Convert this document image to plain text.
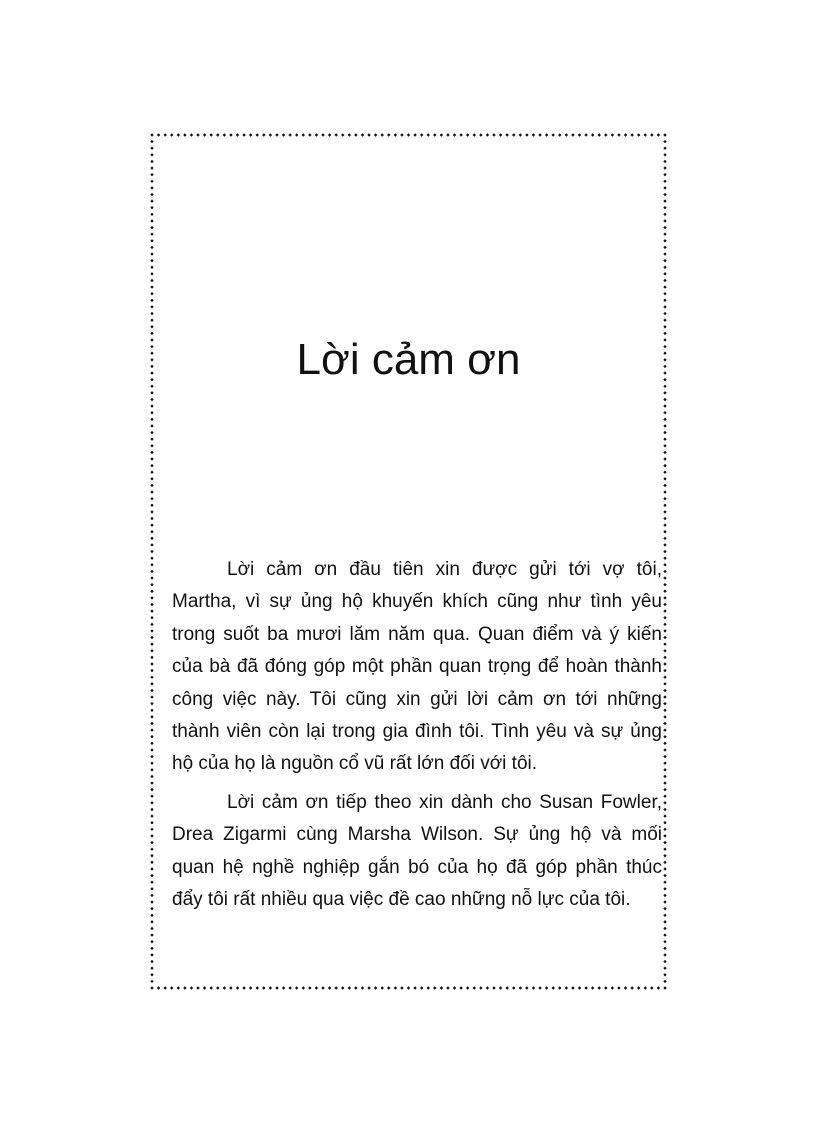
Lời cảm ơn

Lời cảm ơn đầu tiên xin được gửi tới vợ tôi, Martha, vì sự ủng hộ khuyến khích cũng như tình yêu trong suốt ba mươi lăm năm qua. Quan điểm và ý kiến của bà đã đóng góp một phần quan trọng để hoàn thành công việc này. Tôi cũng xin gửi lời cảm ơn tới những thành viên còn lại trong gia đình tôi. Tình yêu và sự ủng hộ của họ là nguồn cổ vũ rất lớn đối với tôi.

Lời cảm ơn tiếp theo xin dành cho Susan Fowler, Drea Zigarmi cùng Marsha Wilson. Sự ủng hộ và mối quan hệ nghề nghiệp gắn bó của họ đã góp phần thúc đẩy tôi rất nhiều qua việc đề cao những nỗ lực của tôi.
